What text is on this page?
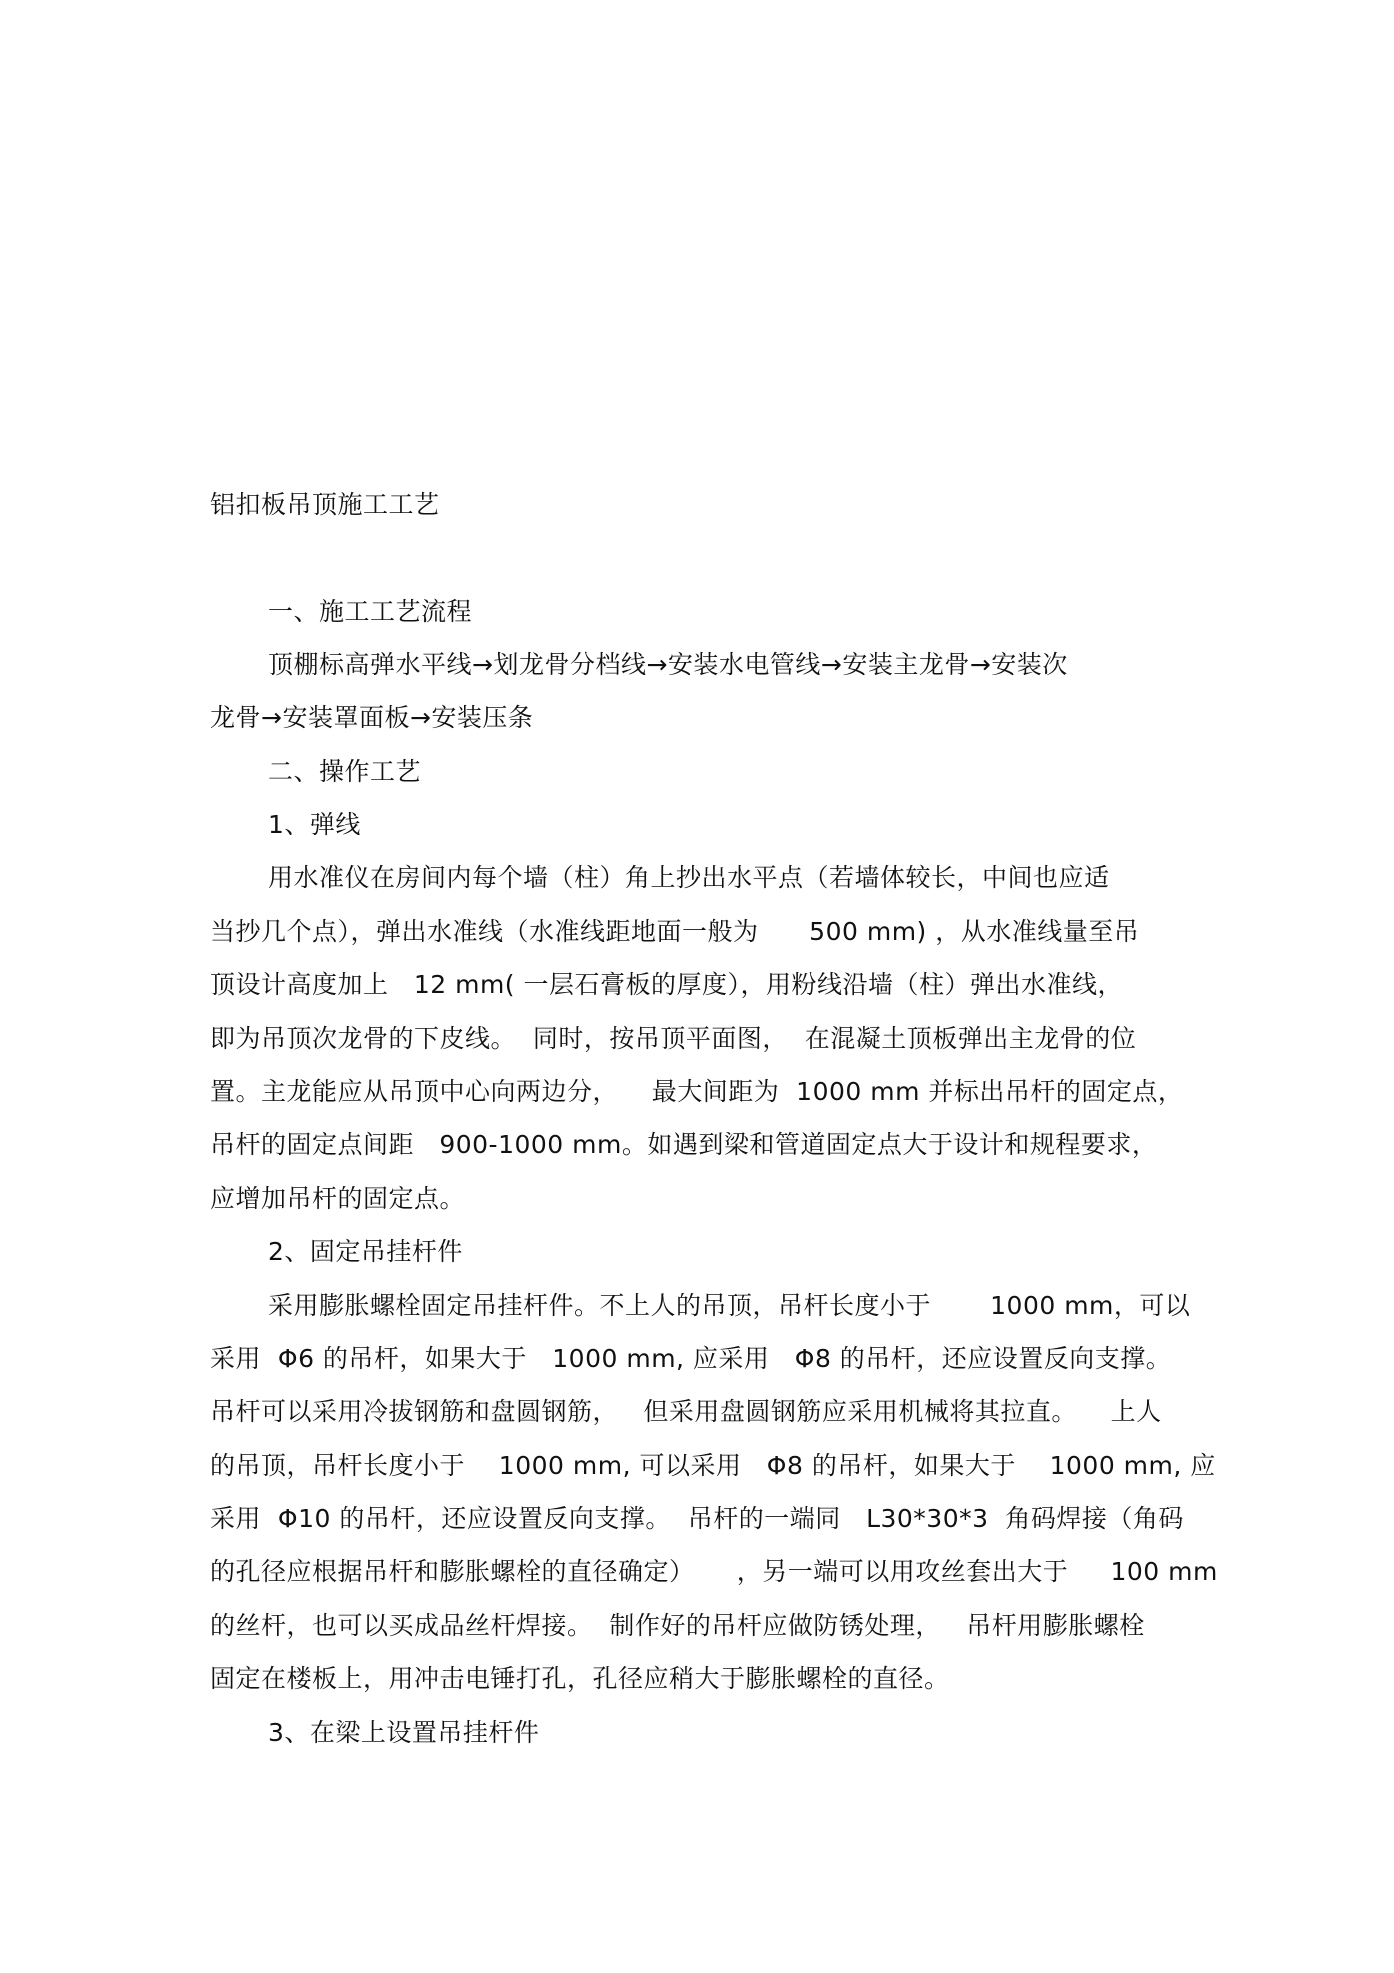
铝扣板吊顶施工工艺
一、施工工艺流程
顶棚标高弹水平线→划龙骨分档线→安装水电管线→安装主龙骨→安装次
龙骨→安装罩面板→安装压条
二、操作工艺
1、弹线
用水准仪在房间内每个墙（柱）角上抄出水平点（若墙体较长，中间也应适
当抄几个点），弹出水准线（水准线距地面一般为      500 mm) ，从水准线量至吊
顶设计高度加上   12 mm( 一层石膏板的厚度），用粉线沿墙（柱）弹出水准线，
即为吊顶次龙骨的下皮线。  同时，按吊顶平面图，  在混凝土顶板弹出主龙骨的位
置。主龙能应从吊顶中心向两边分，    最大间距为  1000 mm 并标出吊杆的固定点，
吊杆的固定点间距   900-1000 mm。如遇到梁和管道固定点大于设计和规程要求，
应增加吊杆的固定点。
2、固定吊挂杆件
采用膨胀螺栓固定吊挂杆件。不上人的吊顶，吊杆长度小于       1000 mm，可以
采用  Φ6 的吊杆，如果大于   1000 mm, 应采用   Φ8 的吊杆，还应设置反向支撑。
吊杆可以采用冷拔钢筋和盘圆钢筋，   但采用盘圆钢筋应采用机械将其拉直。    上人
的吊顶，吊杆长度小于    1000 mm, 可以采用   Φ8 的吊杆，如果大于    1000 mm, 应
采用  Φ10 的吊杆，还应设置反向支撑。  吊杆的一端同   L30*30*3  角码焊接（角码
的孔径应根据吊杆和膨胀螺栓的直径确定）     ，另一端可以用攻丝套出大于     100 mm
的丝杆，也可以买成品丝杆焊接。  制作好的吊杆应做防锈处理，   吊杆用膨胀螺栓
固定在楼板上，用冲击电锤打孔，孔径应稍大于膨胀螺栓的直径。
3、在梁上设置吊挂杆件
